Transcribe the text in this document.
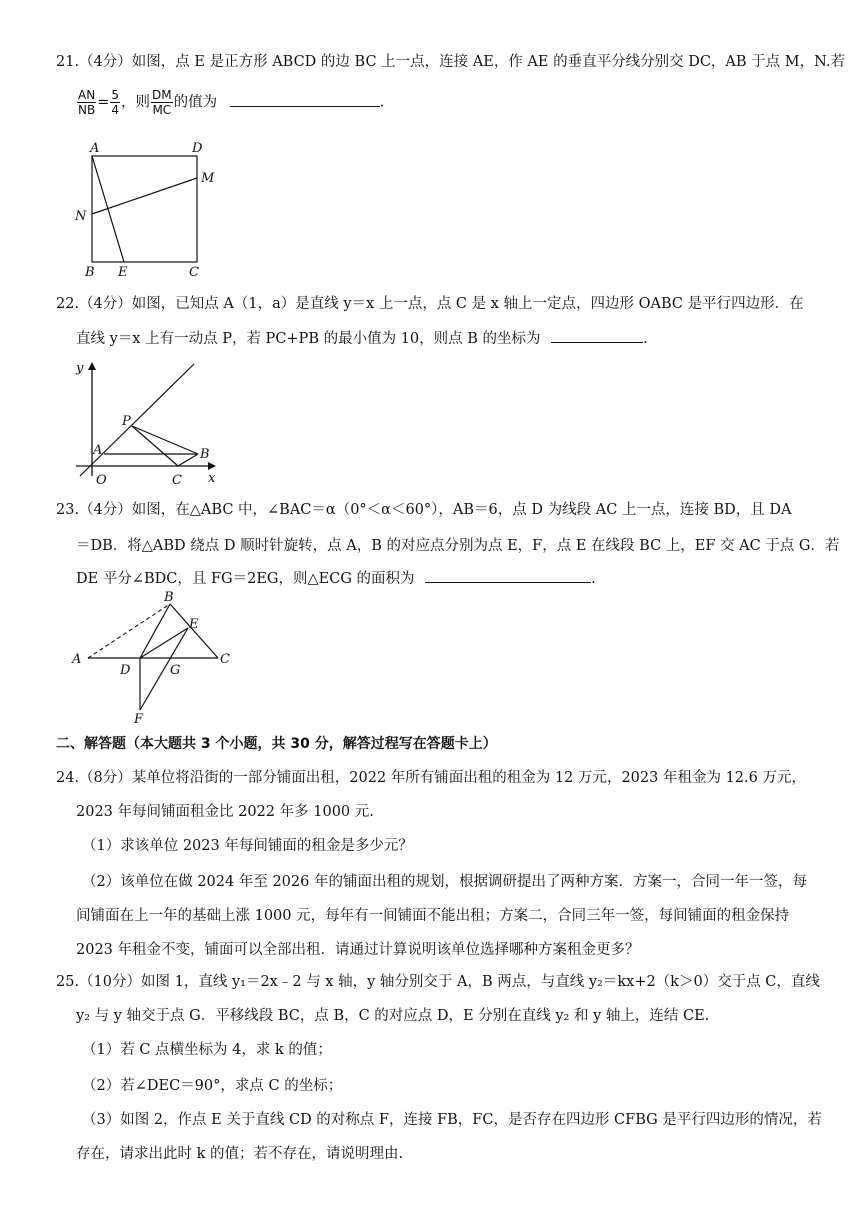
21.（4分）如图，点 E 是正方形 ABCD 的边 BC 上一点，连接 AE，作 AE 的垂直平分线分别交 DC，AB 于点 M，N.若
$\frac{AN}{NB} = \frac{5}{4}$ ，则 $\frac{DM}{MC}$ 的值为	.
A	D
M
N
B E	C
22.（4分）如图，已知点 A（1，a）是直线 y＝x 上一点，点 C 是 x 轴上一定点，四边形 OABC 是平行四边形．在
直线 y＝x 上有一动点 P，若 PC+PB 的最小值为 10，则点 B 的坐标为	.
y
x
P
A	B
O	C
23.（4分）如图，在△ABC 中，∠BAC＝α（0°＜α＜60°），AB＝6，点 D 为线段 AC 上一点，连接 BD，且 DA
＝DB．将△ABD 绕点 D 顺时针旋转，点 A，B 的对应点分别为点 E，F，点 E 在线段 BC 上，EF 交 AC 于点 G．若
DE 平分∠BDC，且 FG＝2EG，则△ECG 的面积为	.
B
E
A	C
D	G
F
二、解答题（本大题共 3 个小题，共 30 分，解答过程写在答题卡上）
24.（8分）某单位将沿街的一部分铺面出租，2022 年所有铺面出租的租金为 12 万元，2023 年租金为 12.6 万元，
2023 年每间铺面租金比 2022 年多 1000 元.
（1）求该单位 2023 年每间铺面的租金是多少元？
（2）该单位在做 2024 年至 2026 年的铺面出租的规划，根据调研提出了两种方案．方案一，合同一年一签，每
间铺面在上一年的基础上涨 1000 元，每年有一间铺面不能出租；方案二，合同三年一签，每间铺面的租金保持
2023 年租金不变，铺面可以全部出租．请通过计算说明该单位选择哪种方案租金更多？
25.（10分）如图 1，直线 y₁＝2x﹣2 与 x 轴，y 轴分别交于 A，B 两点，与直线 y₂＝kx+2（k＞0）交于点 C，直线
y₂ 与 y 轴交于点 G．平移线段 BC，点 B，C 的对应点 D，E 分别在直线 y₂ 和 y 轴上，连结 CE.
（1）若 C 点横坐标为 4，求 k 的值；
（2）若∠DEC＝90°，求点 C 的坐标；
（3）如图 2，作点 E 关于直线 CD 的对称点 F，连接 FB，FC，是否存在四边形 CFBG 是平行四边形的情况，若
存在，请求出此时 k 的值；若不存在，请说明理由.
